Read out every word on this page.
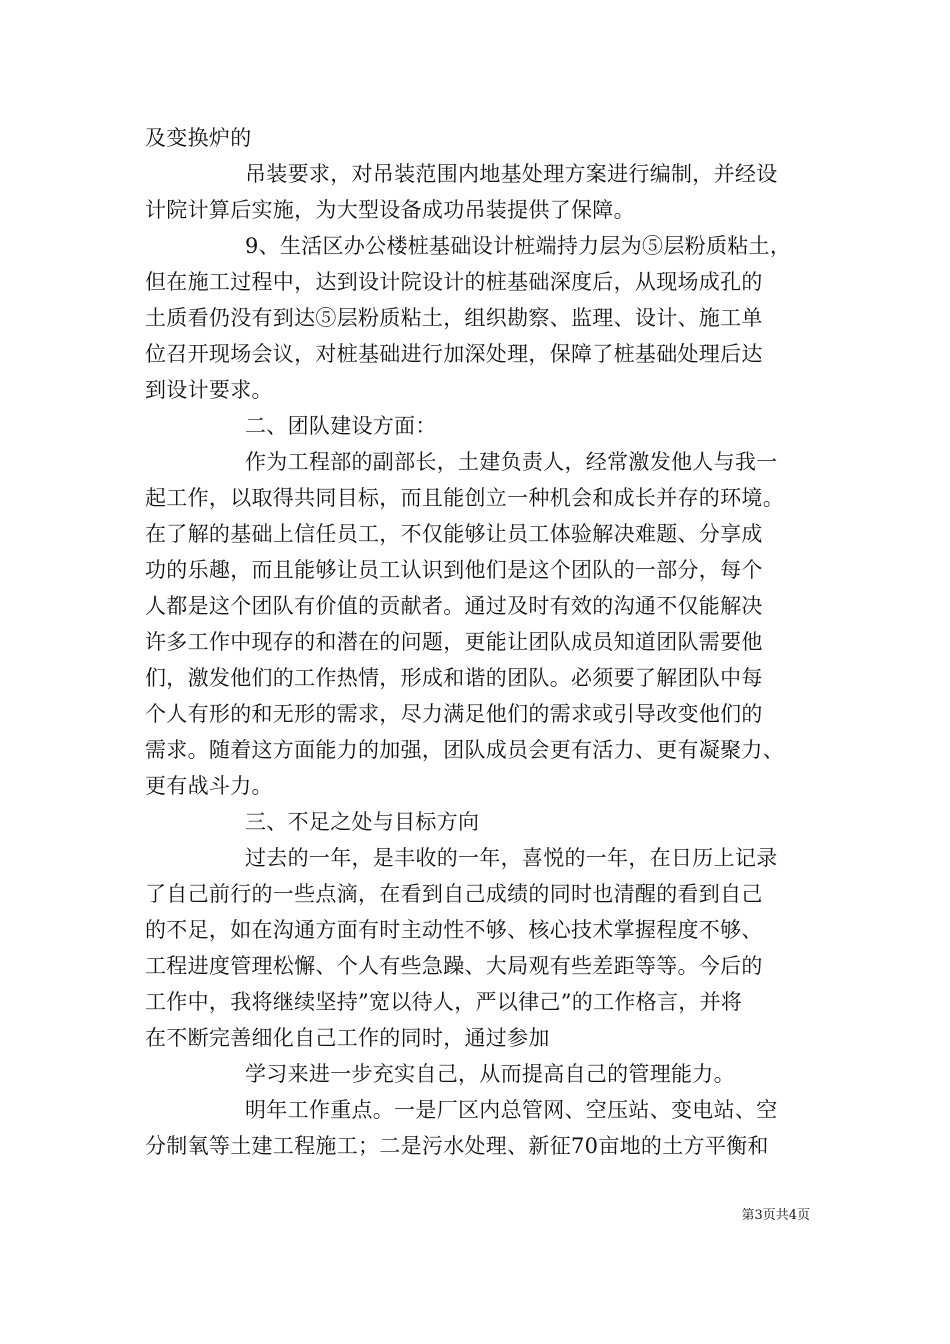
及变换炉的
吊装要求，对吊装范围内地基处理方案进行编制，并经设
计院计算后实施，为大型设备成功吊装提供了保障。
9、生活区办公楼桩基础设计桩端持力层为⑤层粉质粘土，
但在施工过程中，达到设计院设计的桩基础深度后，从现场成孔的
土质看仍没有到达⑤层粉质粘土，组织勘察、监理、设计、施工单
位召开现场会议，对桩基础进行加深处理，保障了桩基础处理后达
到设计要求。
二、团队建设方面：
作为工程部的副部长，土建负责人，经常激发他人与我一
起工作，以取得共同目标，而且能创立一种机会和成长并存的环境。
在了解的基础上信任员工，不仅能够让员工体验解决难题、分享成
功的乐趣，而且能够让员工认识到他们是这个团队的一部分，每个
人都是这个团队有价值的贡献者。通过及时有效的沟通不仅能解决
许多工作中现存的和潜在的问题，更能让团队成员知道团队需要他
们，激发他们的工作热情，形成和谐的团队。必须要了解团队中每
个人有形的和无形的需求，尽力满足他们的需求或引导改变他们的
需求。随着这方面能力的加强，团队成员会更有活力、更有凝聚力、
更有战斗力。
三、不足之处与目标方向
过去的一年，是丰收的一年，喜悦的一年，在日历上记录
了自己前行的一些点滴，在看到自己成绩的同时也清醒的看到自己
的不足，如在沟通方面有时主动性不够、核心技术掌握程度不够、
工程进度管理松懈、个人有些急躁、大局观有些差距等等。今后的
工作中，我将继续坚持”宽以待人，严以律己”的工作格言，并将
在不断完善细化自己工作的同时，通过参加
学习来进一步充实自己，从而提高自己的管理能力。
明年工作重点。一是厂区内总管网、空压站、变电站、空
分制氧等土建工程施工；二是污水处理、新征70亩地的土方平衡和
第3页共4页
